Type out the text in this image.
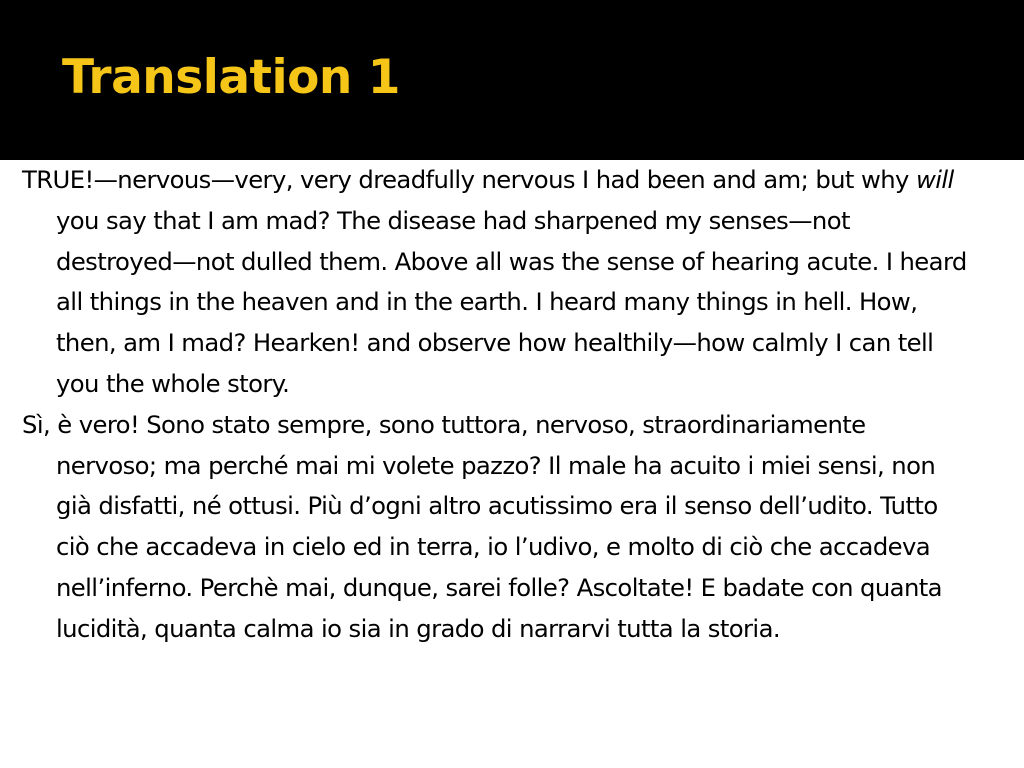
Translation 1

TRUE!—nervous—very, very dreadfully nervous I had been and am; but why will you say that I am mad? The disease had sharpened my senses—not destroyed—not dulled them. Above all was the sense of hearing acute. I heard all things in the heaven and in the earth. I heard many things in hell. How, then, am I mad? Hearken! and observe how healthily—how calmly I can tell you the whole story.

Sì, è vero! Sono stato sempre, sono tuttora, nervoso, straordinariamente nervoso; ma perché mai mi volete pazzo? Il male ha acuito i miei sensi, non già disfatti, né ottusi. Più d’ogni altro acutissimo era il senso dell’udito. Tutto ciò che accadeva in cielo ed in terra, io l’udivo, e molto di ciò che accadeva nell’inferno. Perchè mai, dunque, sarei folle? Ascoltate! E badate con quanta lucidità, quanta calma io sia in grado di narrarvi tutta la storia.
